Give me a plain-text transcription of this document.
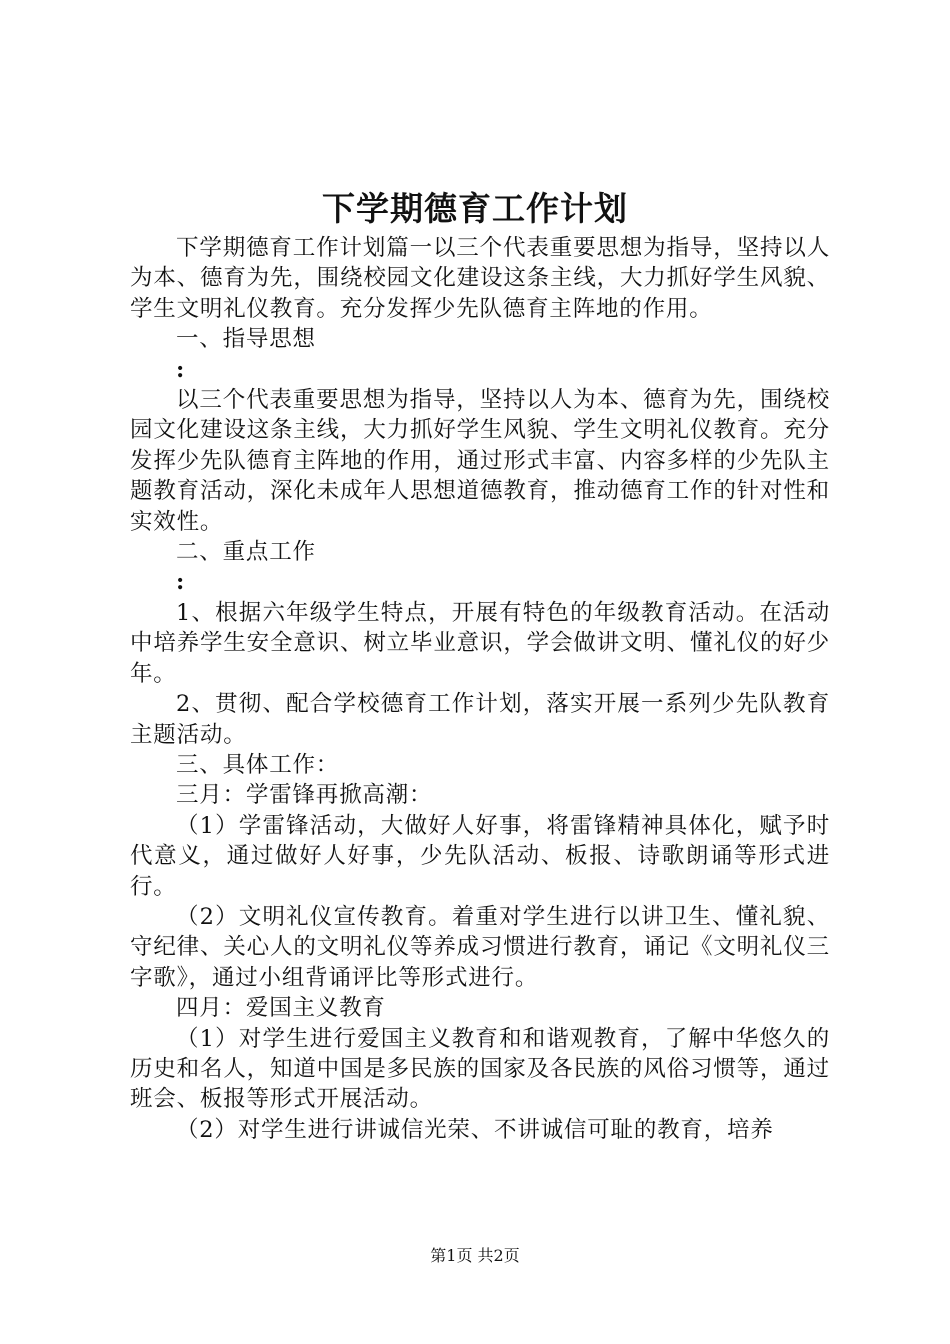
下学期德育工作计划

下学期德育工作计划篇一以三个代表重要思想为指导，坚持以人为本、德育为先，围绕校园文化建设这条主线，大力抓好学生风貌、学生文明礼仪教育。充分发挥少先队德育主阵地的作用。

一、指导思想

:

以三个代表重要思想为指导，坚持以人为本、德育为先，围绕校园文化建设这条主线，大力抓好学生风貌、学生文明礼仪教育。充分发挥少先队德育主阵地的作用，通过形式丰富、内容多样的少先队主题教育活动，深化未成年人思想道德教育，推动德育工作的针对性和实效性。

二、重点工作

:

1、根据六年级学生特点，开展有特色的年级教育活动。在活动中培养学生安全意识、树立毕业意识，学会做讲文明、懂礼仪的好少年。

2、贯彻、配合学校德育工作计划，落实开展一系列少先队教育主题活动。

三、具体工作：

三月：学雷锋再掀高潮：

（1）学雷锋活动，大做好人好事，将雷锋精神具体化，赋予时代意义，通过做好人好事，少先队活动、板报、诗歌朗诵等形式进行。

（2）文明礼仪宣传教育。着重对学生进行以讲卫生、懂礼貌、守纪律、关心人的文明礼仪等养成习惯进行教育，诵记《文明礼仪三字歌》，通过小组背诵评比等形式进行。

四月：爱国主义教育

（1）对学生进行爱国主义教育和和谐观教育，了解中华悠久的历史和名人，知道中国是多民族的国家及各民族的风俗习惯等，通过班会、板报等形式开展活动。

（2）对学生进行讲诚信光荣、不讲诚信可耻的教育，培养

第1页 共2页
